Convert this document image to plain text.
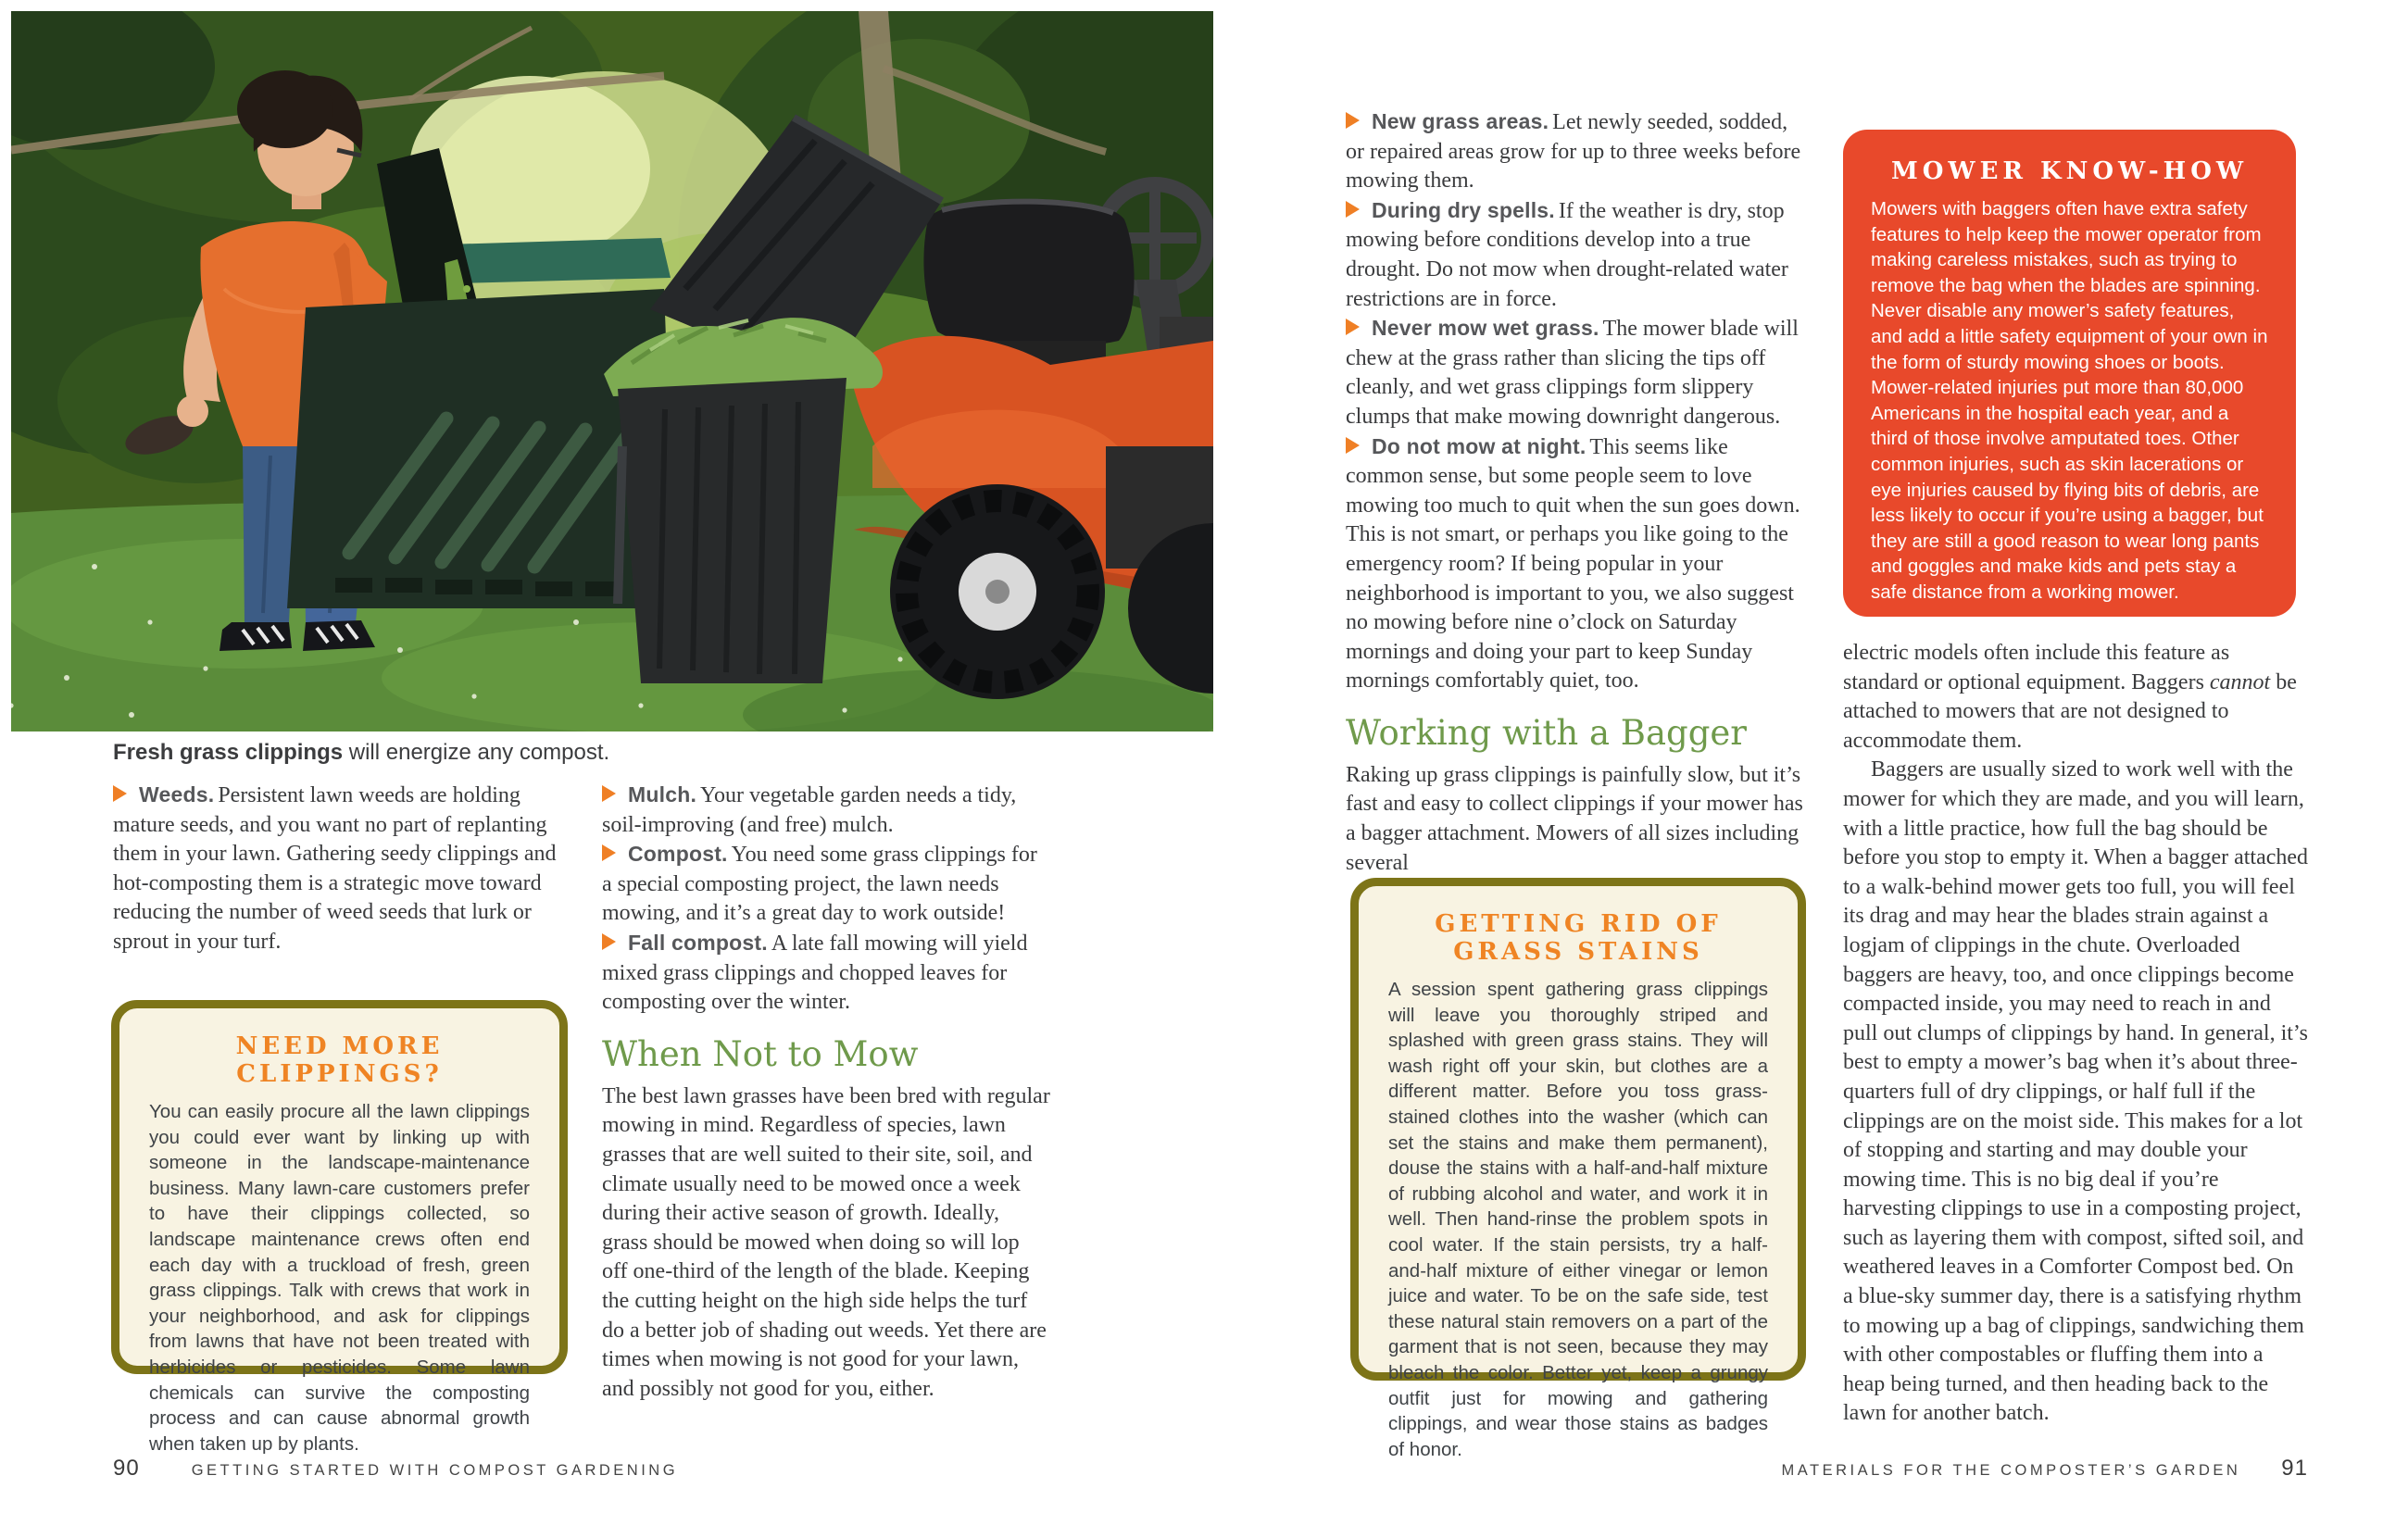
Fresh grass clippings will energize any compost.

Weeds. Persistent lawn weeds are holding mature seeds, and you want no part of replanting them in your lawn. Gathering seedy clippings and hot-composting them is a strategic move toward reducing the number of weed seeds that lurk or sprout in your turf.

NEED MORE CLIPPINGS?
You can easily procure all the lawn clippings you could ever want by linking up with someone in the landscape-maintenance business. Many lawn-care customers prefer to have their clippings collected, so landscape maintenance crews often end each day with a truckload of fresh, green grass clippings. Talk with crews that work in your neighborhood, and ask for clippings from lawns that have not been treated with herbicides or pesticides. Some lawn chemicals can survive the composting process and can cause abnormal growth when taken up by plants.

Mulch. Your vegetable garden needs a tidy, soil-improving (and free) mulch.

Compost. You need some grass clippings for a special composting project, the lawn needs mowing, and it’s a great day to work outside!

Fall compost. A late fall mowing will yield mixed grass clippings and chopped leaves for composting over the winter.

When Not to Mow

The best lawn grasses have been bred with regular mowing in mind. Regardless of species, lawn grasses that are well suited to their site, soil, and climate usually need to be mowed once a week during their active season of growth. Ideally, grass should be mowed when doing so will lop off one-third of the length of the blade. Keeping the cutting height on the high side helps the turf do a better job of shading out weeds. Yet there are times when mowing is not good for your lawn, and possibly not good for you, either.

New grass areas. Let newly seeded, sodded, or repaired areas grow for up to three weeks before mowing them.

During dry spells. If the weather is dry, stop mowing before conditions develop into a true drought. Do not mow when drought-related water restrictions are in force.

Never mow wet grass. The mower blade will chew at the grass rather than slicing the tips off cleanly, and wet grass clippings form slippery clumps that make mowing downright dangerous.

Do not mow at night. This seems like common sense, but some people seem to love mowing too much to quit when the sun goes down. This is not smart, or perhaps you like going to the emergency room? If being popular in your neighborhood is important to you, we also suggest no mowing before nine o’clock on Saturday mornings and doing your part to keep Sunday mornings comfortably quiet, too.

Working with a Bagger

Raking up grass clippings is painfully slow, but it’s fast and easy to collect clippings if your mower has a bagger attachment. Mowers of all sizes including several

GETTING RID OF GRASS STAINS
A session spent gathering grass clippings will leave you thoroughly striped and splashed with green grass stains. They will wash right off your skin, but clothes are a different matter. Before you toss grass-stained clothes into the washer (which can set the stains and make them permanent), douse the stains with a half-and-half mixture of rubbing alcohol and water, and work it in well. Then hand-rinse the problem spots in cool water. If the stain persists, try a half-and-half mixture of either vinegar or lemon juice and water. To be on the safe side, test these natural stain removers on a part of the garment that is not seen, because they may bleach the color. Better yet, keep a grungy outfit just for mowing and gathering clippings, and wear those stains as badges of honor.
MOWER KNOW-HOW
Mowers with baggers often have extra safety features to help keep the mower operator from making careless mistakes, such as trying to remove the bag when the blades are spinning. Never disable any mower’s safety features, and add a little safety equipment of your own in the form of sturdy mowing shoes or boots. Mower-related injuries put more than 80,000 Americans in the hospital each year, and a third of those involve amputated toes. Other common injuries, such as skin lacerations or eye injuries caused by flying bits of debris, are less likely to occur if you’re using a bagger, but they are still a good reason to wear long pants and goggles and make kids and pets stay a safe distance from a working mower.

electric models often include this feature as standard or optional equipment. Baggers cannot be attached to mowers that are not designed to accommodate them.

Baggers are usually sized to work well with the mower for which they are made, and you will learn, with a little practice, how full the bag should be before you stop to empty it. When a bagger attached to a walk-behind mower gets too full, you will feel its drag and may hear the blades strain against a logjam of clippings in the chute. Overloaded baggers are heavy, too, and once clippings become compacted inside, you may need to reach in and pull out clumps of clippings by hand. In general, it’s best to empty a mower’s bag when it’s about three-quarters full of dry clippings, or half full if the clippings are on the moist side. This makes for a lot of stopping and starting and may double your mowing time. This is no big deal if you’re harvesting clippings to use in a composting project, such as layering them with compost, sifted soil, and weathered leaves in a Comforter Compost bed. On a blue-sky summer day, there is a satisfying rhythm to mowing up a bag of clippings, sandwiching them with other compostables or fluffing them into a heap being turned, and then heading back to the lawn for another batch.

90	GETTING STARTED WITH COMPOST GARDENING	MATERIALS FOR THE COMPOSTER’S GARDEN 91
